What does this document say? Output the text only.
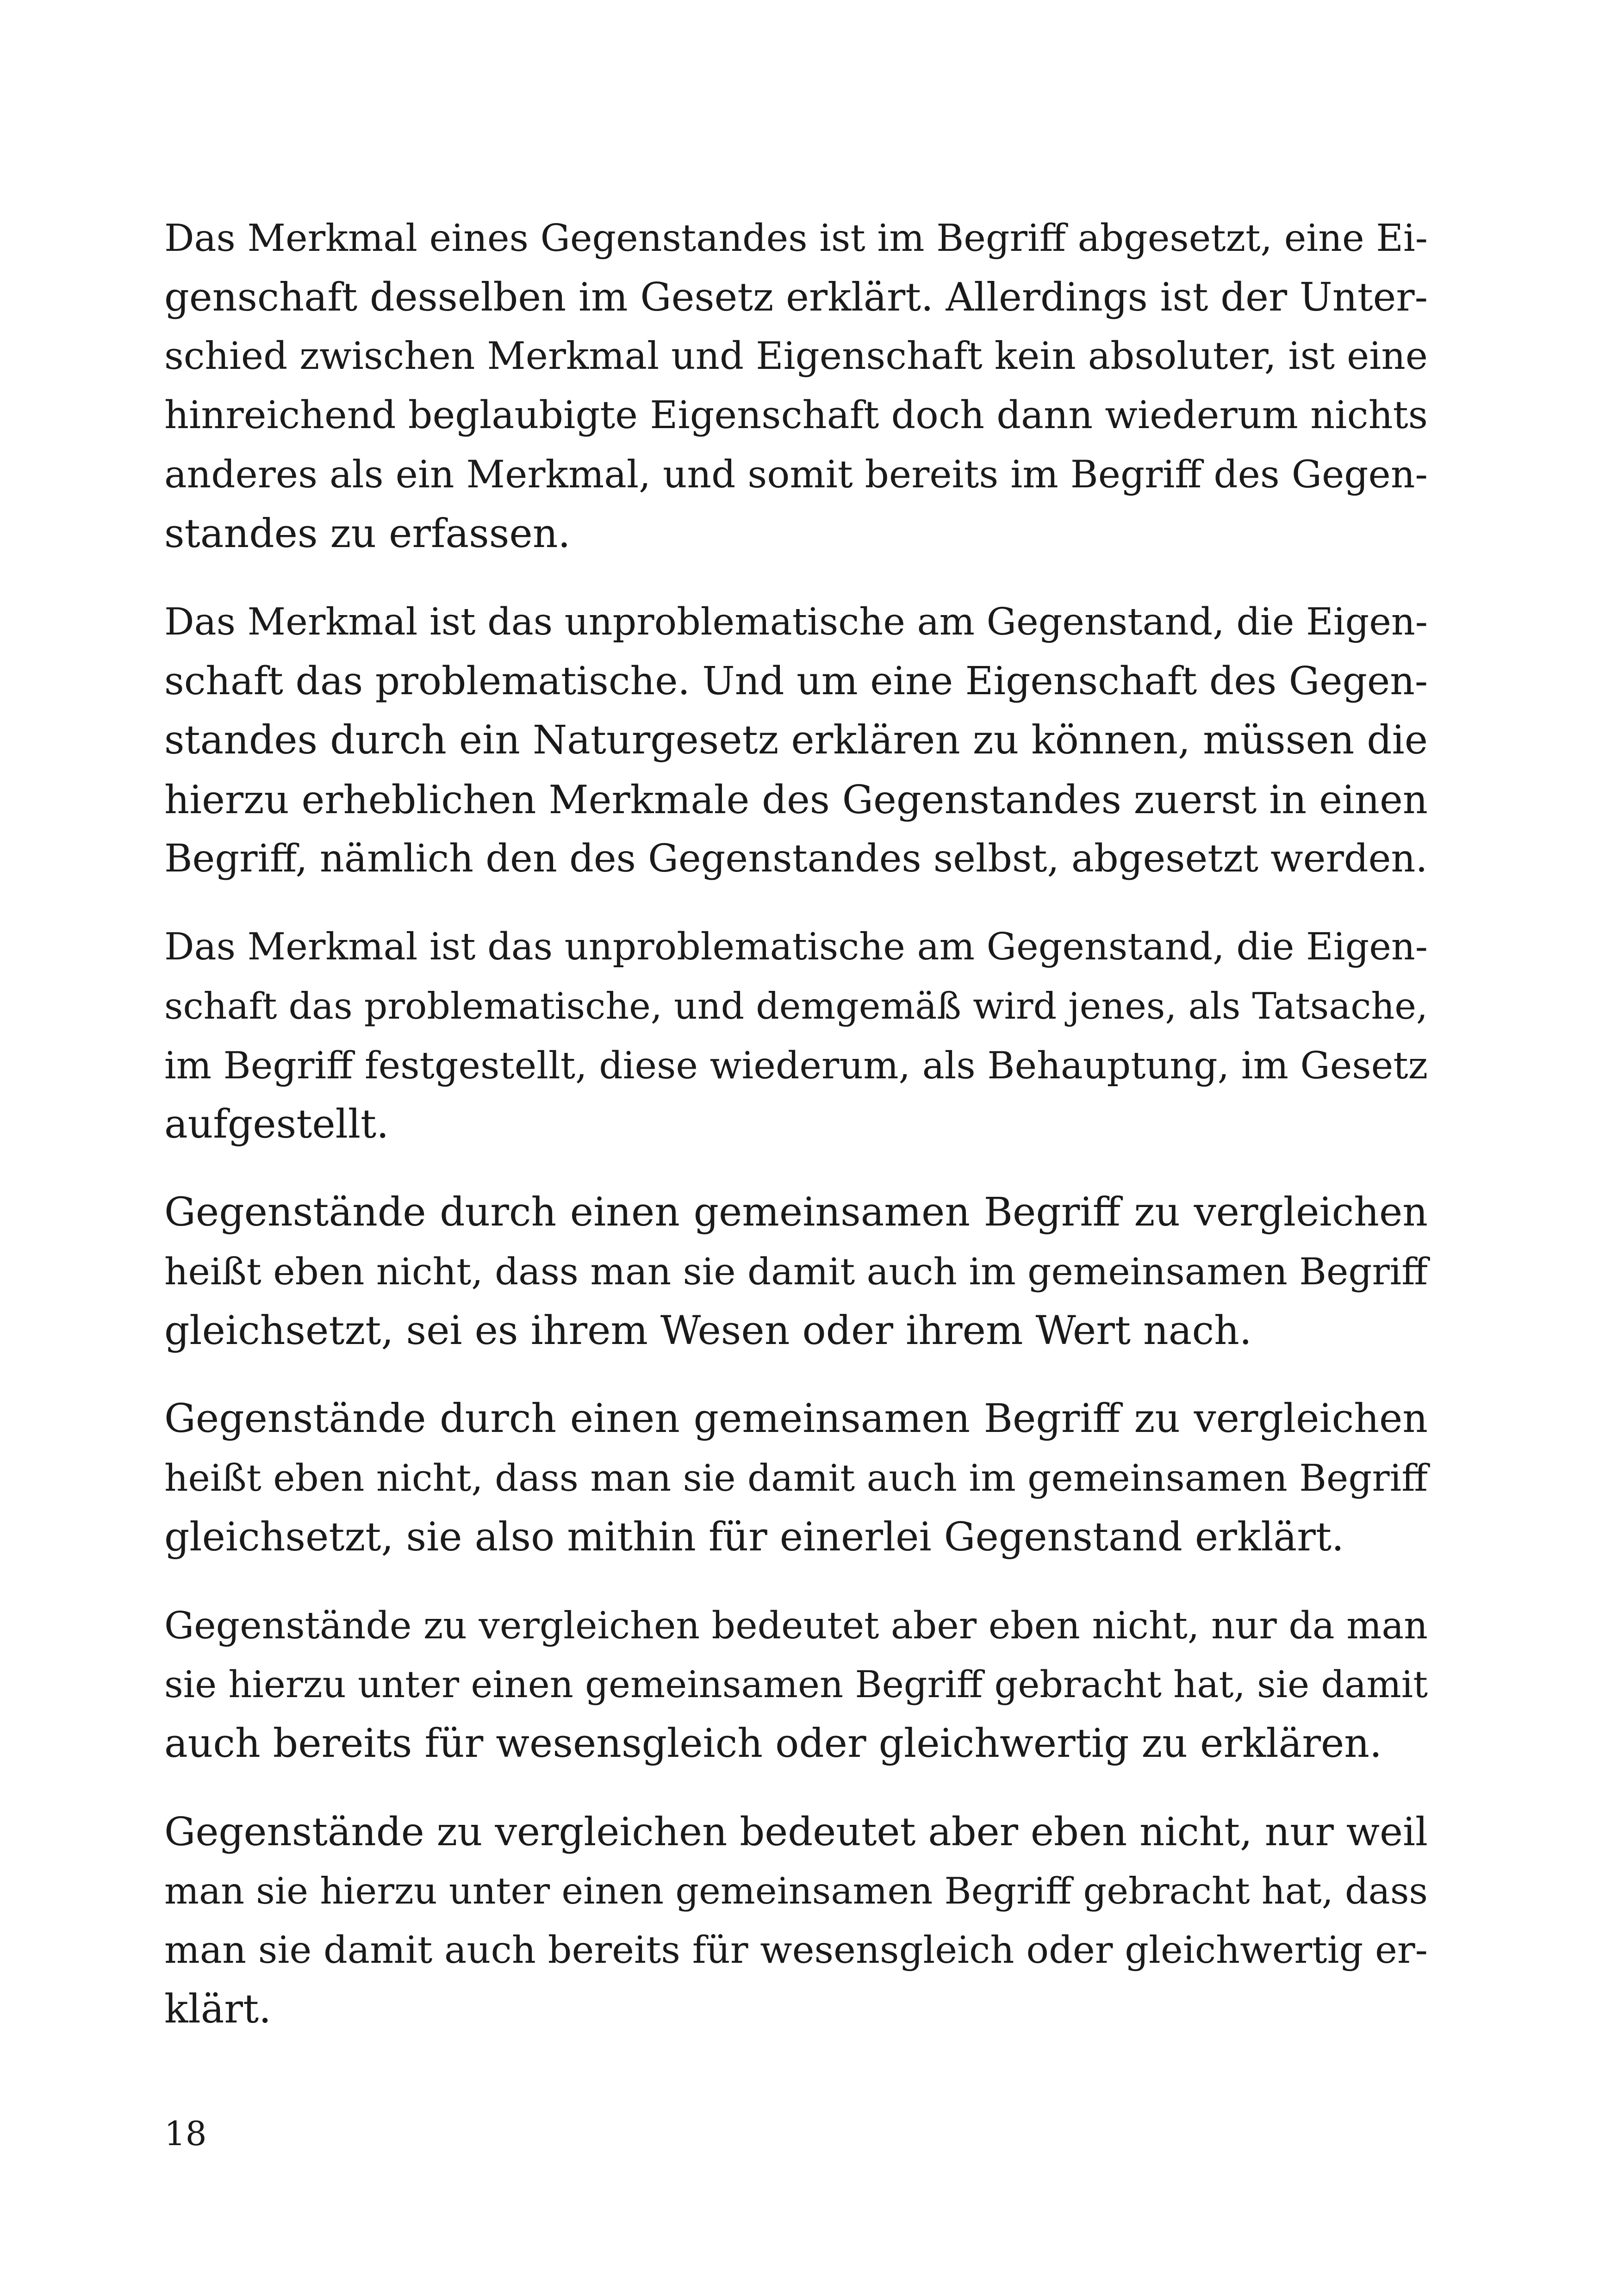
Das Merkmal eines Gegenstandes ist im Begriff abgesetzt, eine Ei-
genschaft desselben im Gesetz erklärt. Allerdings ist der Unter-
schied zwischen Merkmal und Eigenschaft kein absoluter, ist eine
hinreichend beglaubigte Eigenschaft doch dann wiederum nichts
anderes als ein Merkmal, und somit bereits im Begriff des Gegen-
standes zu erfassen.

Das Merkmal ist das unproblematische am Gegenstand, die Eigen-
schaft das problematische. Und um eine Eigenschaft des Gegen-
standes durch ein Naturgesetz erklären zu können, müssen die
hierzu erheblichen Merkmale des Gegenstandes zuerst in einen
Begriff, nämlich den des Gegenstandes selbst, abgesetzt werden.

Das Merkmal ist das unproblematische am Gegenstand, die Eigen-
schaft das problematische, und demgemäß wird jenes, als Tatsache,
im Begriff festgestellt, diese wiederum, als Behauptung, im Gesetz
aufgestellt.

Gegenstände durch einen gemeinsamen Begriff zu vergleichen
heißt eben nicht, dass man sie damit auch im gemeinsamen Begriff
gleichsetzt, sei es ihrem Wesen oder ihrem Wert nach.

Gegenstände durch einen gemeinsamen Begriff zu vergleichen
heißt eben nicht, dass man sie damit auch im gemeinsamen Begriff
gleichsetzt, sie also mithin für einerlei Gegenstand erklärt.

Gegenstände zu vergleichen bedeutet aber eben nicht, nur da man
sie hierzu unter einen gemeinsamen Begriff gebracht hat, sie damit
auch bereits für wesensgleich oder gleichwertig zu erklären.

Gegenstände zu vergleichen bedeutet aber eben nicht, nur weil
man sie hierzu unter einen gemeinsamen Begriff gebracht hat, dass
man sie damit auch bereits für wesensgleich oder gleichwertig er-
klärt.

18
